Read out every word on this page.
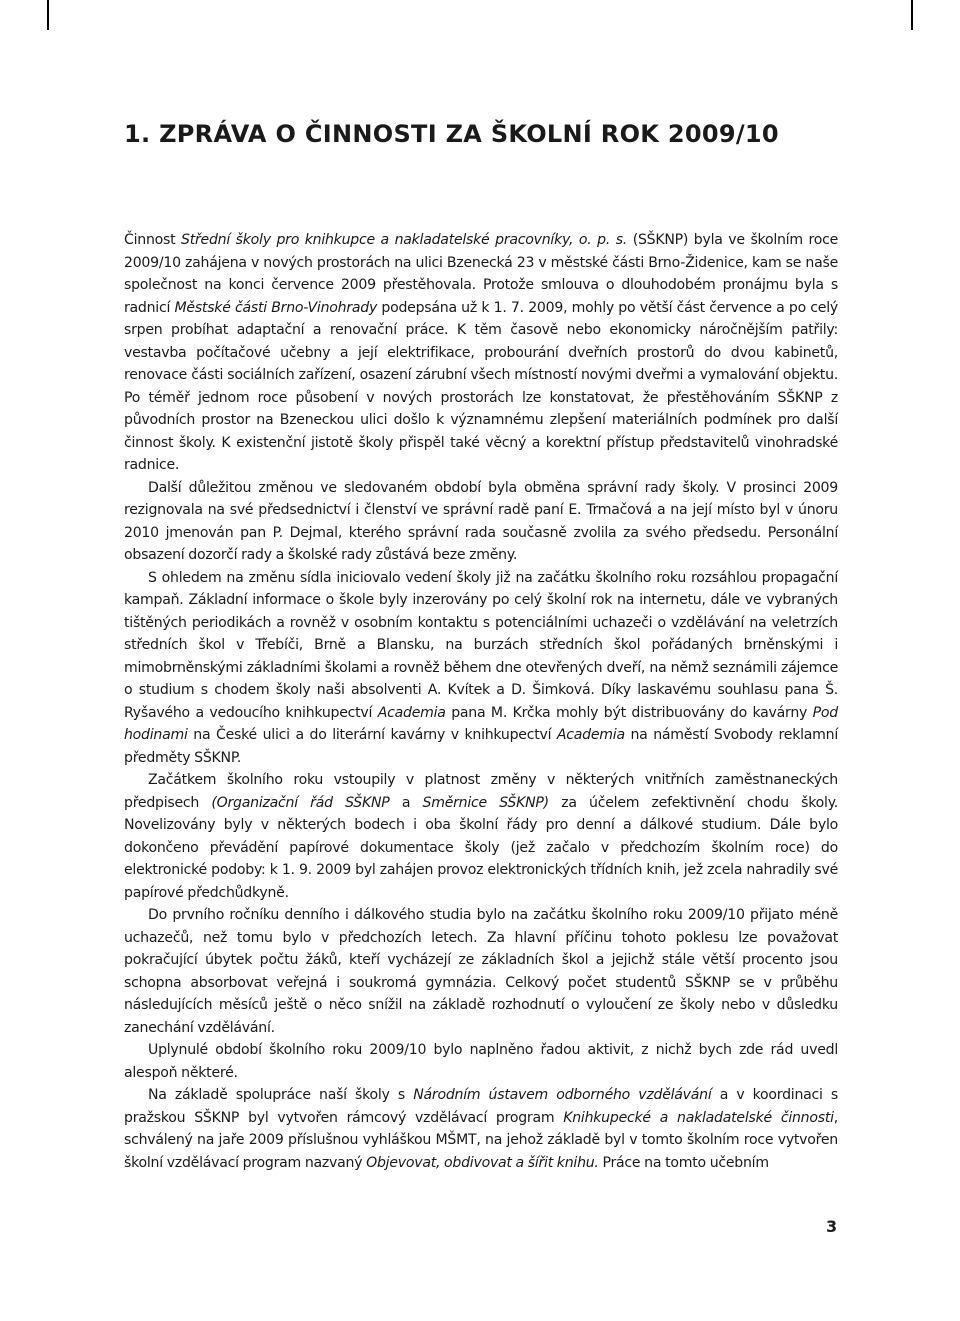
1. ZPRÁVA O ČINNOSTI ZA ŠKOLNÍ ROK 2009/10

Činnost Střední školy pro knihkupce a nakladatelské pracovníky, o. p. s. (SŠKNP) byla ve školním roce 2009/10 zahájena v nových prostorách na ulici Bzenecká 23 v městské části Brno-Židenice, kam se naše společnost na konci července 2009 přestěhovala. Protože smlouva o dlouhodobém pronájmu byla s radnicí Městské části Brno-Vinohrady podepsána už k 1. 7. 2009, mohly po větší část července a po celý srpen probíhat adaptační a renovační práce. K těm časově nebo ekonomicky náročnějším patřily: vestavba počítačové učebny a její elektrifikace, probourání dveřních prostorů do dvou kabinetů, renovace části sociálních zařízení, osazení zárubní všech místností novými dveřmi a vymalování objektu. Po téměř jednom roce působení v nových prostorách lze konstatovat, že přestěhováním SŠKNP z původních prostor na Bzeneckou ulici došlo k významnému zlepšení materiálních podmínek pro další činnost školy. K existenční jistotě školy přispěl také věcný a korektní přístup představitelů vinohradské radnice.

Další důležitou změnou ve sledovaném období byla obměna správní rady školy. V prosinci 2009 rezignovala na své předsednictví i členství ve správní radě paní E. Trmačová a na její místo byl v únoru 2010 jmenován pan P. Dejmal, kterého správní rada současně zvolila za svého předsedu. Personální obsazení dozorčí rady a školské rady zůstává beze změny.

S ohledem na změnu sídla iniciovalo vedení školy již na začátku školního roku rozsáhlou propagační kampaň. Základní informace o škole byly inzerovány po celý školní rok na internetu, dále ve vybraných tištěných periodikách a rovněž v osobním kontaktu s potenciálními uchazeči o vzdělávání na veletrzích středních škol v Třebíči, Brně a Blansku, na burzách středních škol pořádaných brněnskými i mimobrněnskými základními školami a rovněž během dne otevřených dveří, na němž seznámili zájemce o studium s chodem školy naši absolventi A. Kvítek a D. Šimková. Díky laskavému souhlasu pana Š. Ryšavého a vedoucího knihkupectví Academia pana M. Krčka mohly být distribuovány do kavárny Pod hodinami na České ulici a do literární kavárny v knihkupectví Academia na náměstí Svobody reklamní předměty SŠKNP.

Začátkem školního roku vstoupily v platnost změny v některých vnitřních zaměstnaneckých předpisech (Organizační řád SŠKNP a Směrnice SŠKNP) za účelem zefektivnění chodu školy. Novelizovány byly v některých bodech i oba školní řády pro denní a dálkové studium. Dále bylo dokončeno převádění papírové dokumentace školy (jež začalo v předchozím školním roce) do elektronické podoby: k 1. 9. 2009 byl zahájen provoz elektronických třídních knih, jež zcela nahradily své papírové předchůdkyně.

Do prvního ročníku denního i dálkového studia bylo na začátku školního roku 2009/10 přijato méně uchazečů, než tomu bylo v předchozích letech. Za hlavní příčinu tohoto poklesu lze považovat pokračující úbytek počtu žáků, kteří vycházejí ze základních škol a jejichž stále větší procento jsou schopna absorbovat veřejná i soukromá gymnázia. Celkový počet studentů SŠKNP se v průběhu následujících měsíců ještě o něco snížil na základě rozhodnutí o vyloučení ze školy nebo v důsledku zanechání vzdělávání.

Uplynulé období školního roku 2009/10 bylo naplněno řadou aktivit, z nichž bych zde rád uvedl alespoň některé.

Na základě spolupráce naší školy s Národním ústavem odborného vzdělávání a v koordinaci s pražskou SŠKNP byl vytvořen rámcový vzdělávací program Knihkupecké a nakladatelské činnosti, schválený na jaře 2009 příslušnou vyhláškou MŠMT, na jehož základě byl v tomto školním roce vytvořen školní vzdělávací program nazvaný Objevovat, obdivovat a šířit knihu. Práce na tomto učebním

3
